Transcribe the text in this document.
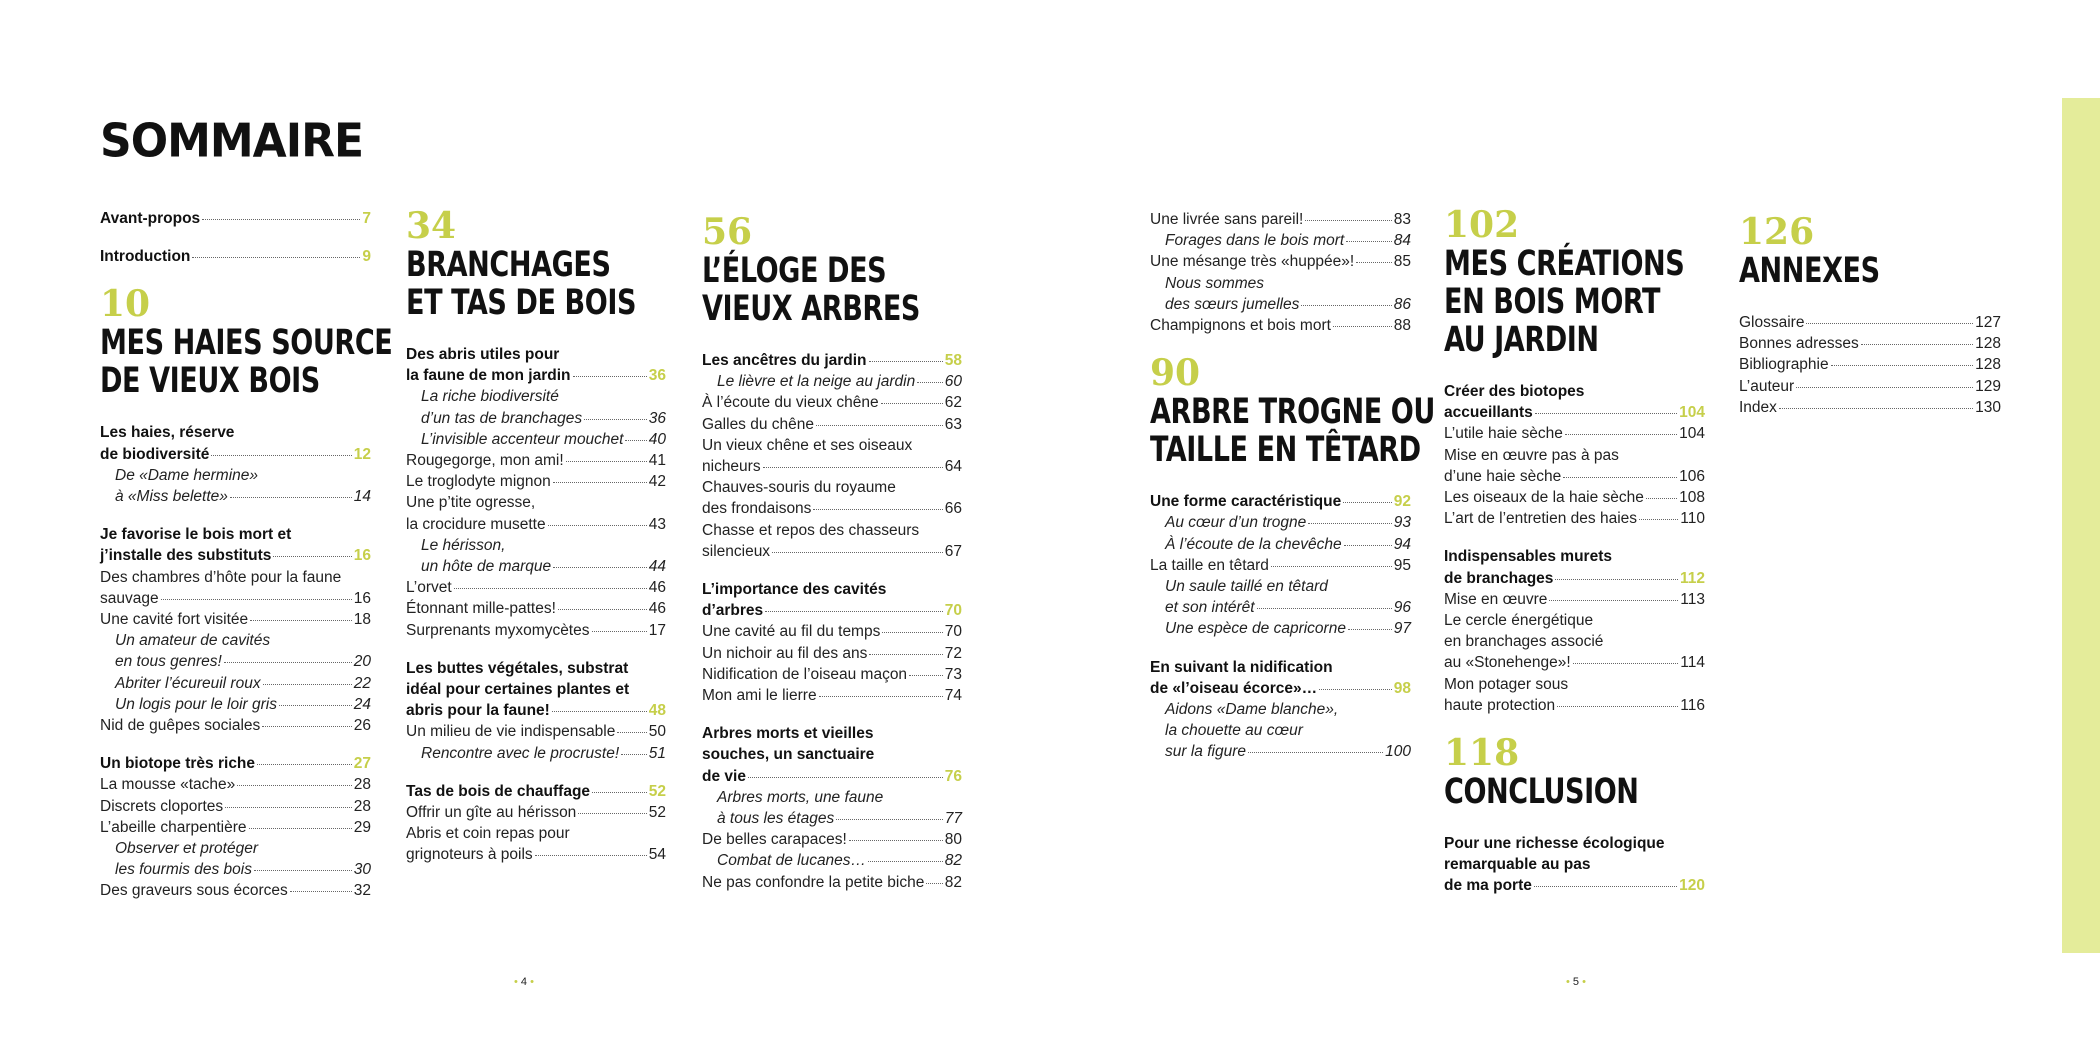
SOMMAIRE
Avant-propos	7
Introduction	9
10
MES HAIES SOURCE
DE VIEUX BOIS
Les haies, réserve
de biodiversité	12
De «Dame hermine»
à «Miss belette»	14
Je favorise le bois mort et
j’installe des substituts	16
Des chambres d’hôte pour la faune
sauvage	16
Une cavité fort visitée	18
Un amateur de cavités
en tous genres!	20
Abriter l’écureuil roux	22
Un logis pour le loir gris	24
Nid de guêpes sociales	26
Un biotope très riche	27
La mousse «tache»	28
Discrets cloportes	28
L’abeille charpentière	29
Observer et protéger
les fourmis des bois	30
Des graveurs sous écorces	32
34
BRANCHAGES
ET TAS DE BOIS
Des abris utiles pour
la faune de mon jardin	36
La riche biodiversité
d’un tas de branchages	36
L’invisible accenteur mouchet 40
Rougegorge, mon ami!	41
Le troglodyte mignon	42
Une p’tite ogresse,
la crocidure musette	43
Le hérisson,
un hôte de marque	44
L’orvet	46
Étonnant mille-pattes!	46
Surprenants myxomycètes	17
Les buttes végétales, substrat
idéal pour certaines plantes et
abris pour la faune!	48
Un milieu de vie indispensable 50
Rencontre avec le procruste! 51
Tas de bois de chauffage	52
Offrir un gîte au hérisson	52
Abris et coin repas pour
grignoteurs à poils	54
56
L’ÉLOGE DES
VIEUX ARBRES
Les ancêtres du jardin	58
Le lièvre et la neige au jardin 60
À l’écoute du vieux chêne	62
Galles du chêne	63
Un vieux chêne et ses oiseaux
nicheurs	64
Chauves-souris du royaume
des frondaisons	66
Chasse et repos des chasseurs
silencieux	67
L’importance des cavités
d’arbres	70
Une cavité au fil du temps	70
Un nichoir au fil des ans	72
Nidification de l’oiseau maçon 73
Mon ami le lierre	74
Arbres morts et vieilles
souches, un sanctuaire
de vie	76
Arbres morts, une faune
à tous les étages	77
De belles carapaces!	80
Combat de lucanes…	82
Ne pas confondre la petite biche 82
Une livrée sans pareil!	83
Forages dans le bois mort	84
Une mésange très «huppée»!	85
Nous sommes
des sœurs jumelles	86
Champignons et bois mort	88
90
ARBRE TROGNE OU
TAILLE EN TÊTARD
Une forme caractéristique	92
Au cœur d’un trogne	93
À l’écoute de la chevêche	94
La taille en têtard	95
Un saule taillé en têtard
et son intérêt	96
Une espèce de capricorne	97
En suivant la nidification
de «l’oiseau écorce»…	98
Aidons «Dame blanche»,
la chouette au cœur
sur la figure	100
102
MES CRÉATIONS
EN BOIS MORT
AU JARDIN
Créer des biotopes
accueillants	104
L’utile haie sèche	104
Mise en œuvre pas à pas
d’une haie sèche	106
Les oiseaux de la haie sèche 108
L’art de l’entretien des haies	110
Indispensables murets
de branchages	112
Mise en œuvre	113
Le cercle énergétique
en branchages associé
au «Stonehenge»!	114
Mon potager sous
haute protection	116
118
CONCLUSION
Pour une richesse écologique
remarquable au pas
de ma porte	120
126
ANNEXES
Glossaire	127
Bonnes adresses	128
Bibliographie	128
L’auteur	129
Index	130
• 4 •	• 5 •
